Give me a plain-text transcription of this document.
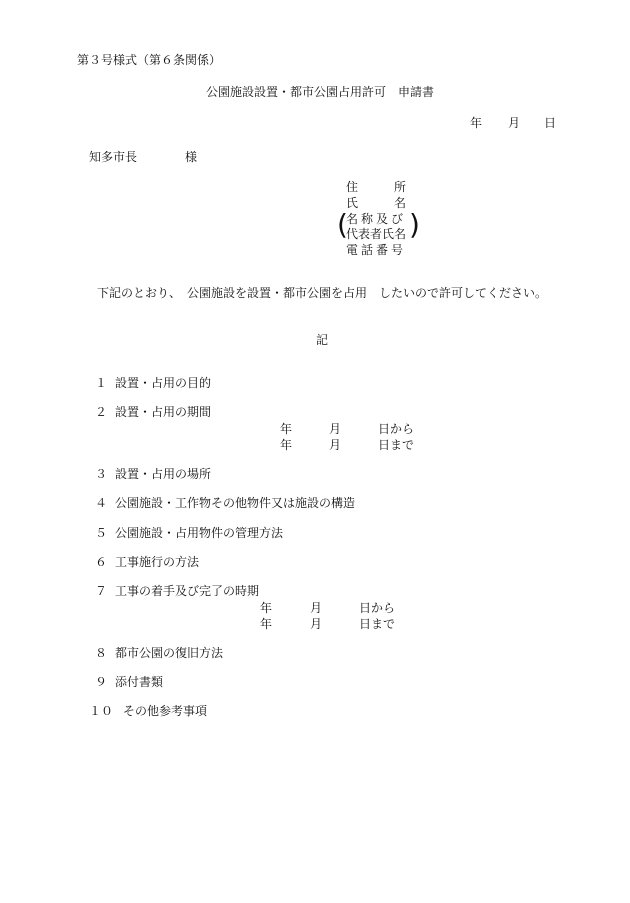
第３号様式（第６条関係）
公園施設設置・都市公園占用許可　申請書
年 月 日
知多市長	様
住	所
氏	名
( )
名称及び
代表者氏名
電話番号
下記のとおり、　公園施設を設置・都市公園を占用　したいので許可してください。
記
１ 設置・占用の目的
２ 設置・占用の期間
年	月	日から
年	月	日まで
３ 設置・占用の場所
４ 公園施設・工作物その他物件又は施設の構造
５ 公園施設・占用物件の管理方法
６ 工事施行の方法
７ 工事の着手及び完了の時期
年	月	日から
年	月	日まで
８ 都市公園の復旧方法
９ 添付書類
１０ その他参考事項
